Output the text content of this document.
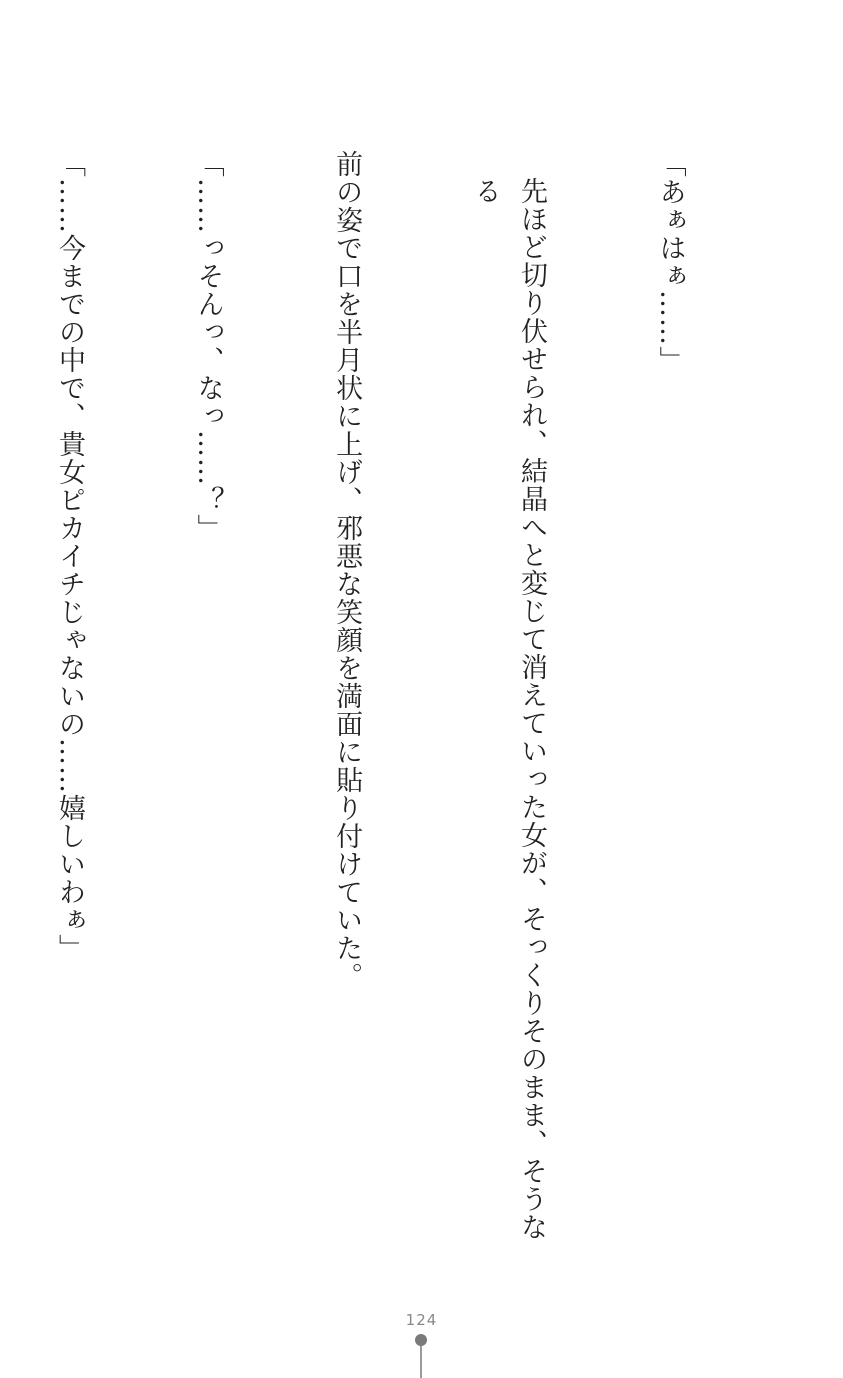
「あぁはぁ……」

先ほど切り伏せられ、結晶へと変じて消えていった女が、そっくりそのまま、そうなる

前の姿で口を半月状に上げ、邪悪な笑顔を満面に貼り付けていた。

「……っそんっ、なっ……？」

「……今までの中で、貴女ピカイチじゃないの……嬉しいわぁ」

124
